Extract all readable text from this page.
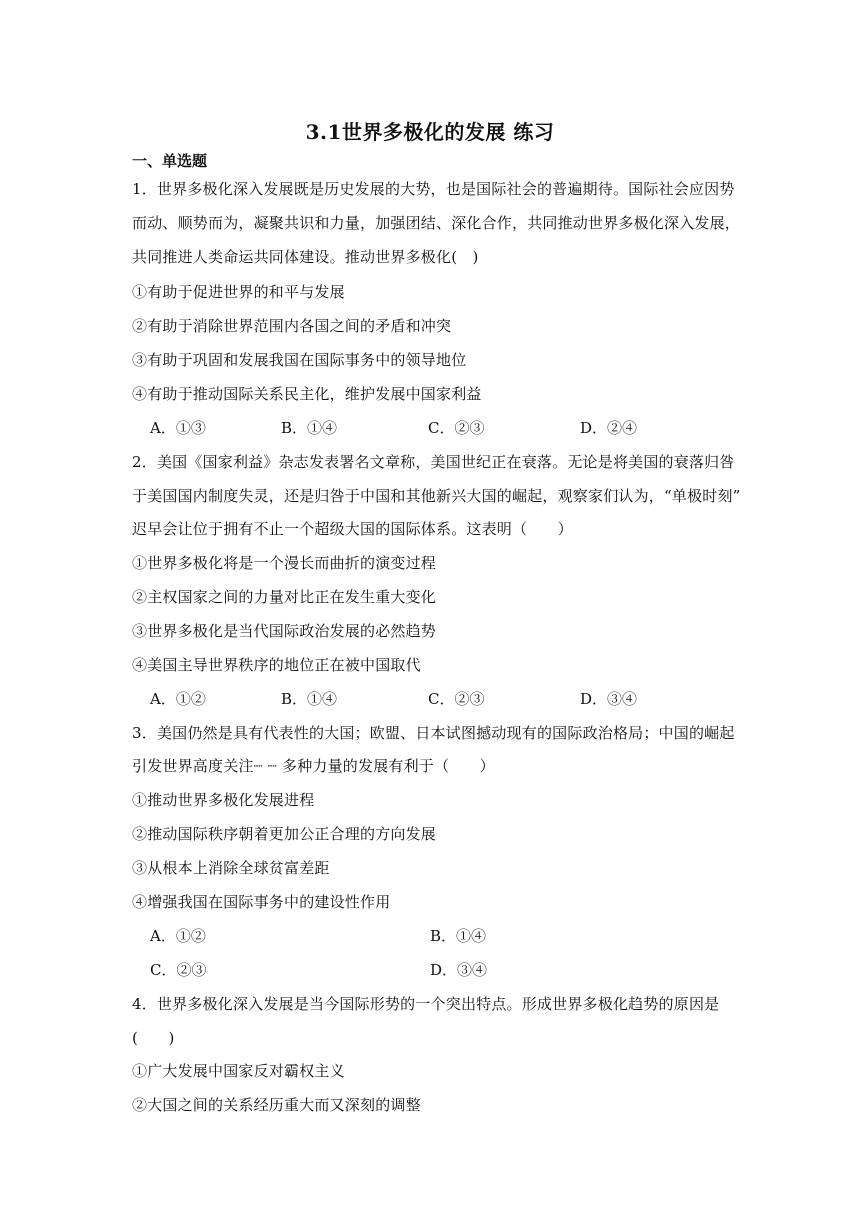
3.1世界多极化的发展 练习
一、单选题
1．世界多极化深入发展既是历史发展的大势，也是国际社会的普遍期待。国际社会应因势
而动、顺势而为，凝聚共识和力量，加强团结、深化合作，共同推动世界多极化深入发展，
共同推进人类命运共同体建设。推动世界多极化(　)
①有助于促进世界的和平与发展
②有助于消除世界范围内各国之间的矛盾和冲突
③有助于巩固和发展我国在国际事务中的领导地位
④有助于推动国际关系民主化，维护发展中国家利益
A．①③	B．①④	C．②③	D．②④
2．美国《国家利益》杂志发表署名文章称，美国世纪正在衰落。无论是将美国的衰落归咎
于美国国内制度失灵，还是归咎于中国和其他新兴大国的崛起，观察家们认为，“单极时刻”
迟早会让位于拥有不止一个超级大国的国际体系。这表明（　　）
①世界多极化将是一个漫长而曲折的演变过程
②主权国家之间的力量对比正在发生重大变化
③世界多极化是当代国际政治发展的必然趋势
④美国主导世界秩序的地位正在被中国取代
A．①②	B．①④	C．②③	D．③④
3．美国仍然是具有代表性的大国；欧盟、日本试图撼动现有的国际政治格局；中国的崛起
引发世界高度关注┈ ┈ 多种力量的发展有利于（　　）
①推动世界多极化发展进程
②推动国际秩序朝着更加公正合理的方向发展
③从根本上消除全球贫富差距
④增强我国在国际事务中的建设性作用
A．①②	B．①④
C．②③	D．③④
4．世界多极化深入发展是当今国际形势的一个突出特点。形成世界多极化趋势的原因是
(　　)
①广大发展中国家反对霸权主义
②大国之间的关系经历重大而又深刻的调整
